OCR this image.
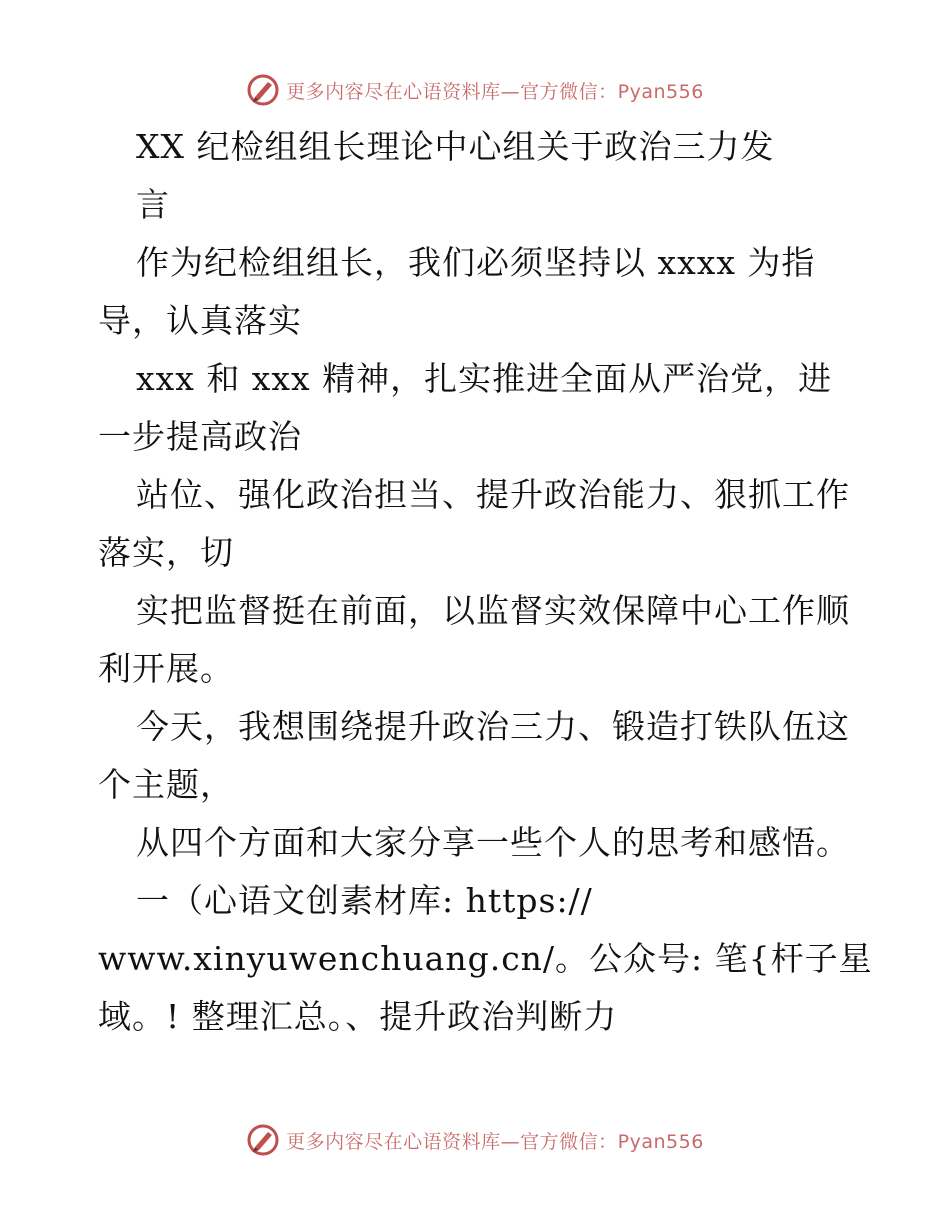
更多内容尽在心语资料库—官方微信：Pyan556
XX 纪检组组长理论中心组关于政治三力发
言
作为纪检组组长，我们必须坚持以 xxxx 为指
导，认真落实
xxx 和 xxx 精神，扎实推进全面从严治党，进
一步提高政治
站位、强化政治担当、提升政治能力、狠抓工作
落实，切
实把监督挺在前面，以监督实效保障中心工作顺
利开展。
今天，我想围绕提升政治三力、锻造打铁队伍这
个主题，
从四个方面和大家分享一些个人的思考和感悟。
一（心语文创素材库: https://
www.xinyuwenchuang.cn/。公众号: 笔{杆子星
域。! 整理汇总。、提升政治判断力
更多内容尽在心语资料库—官方微信：Pyan556
